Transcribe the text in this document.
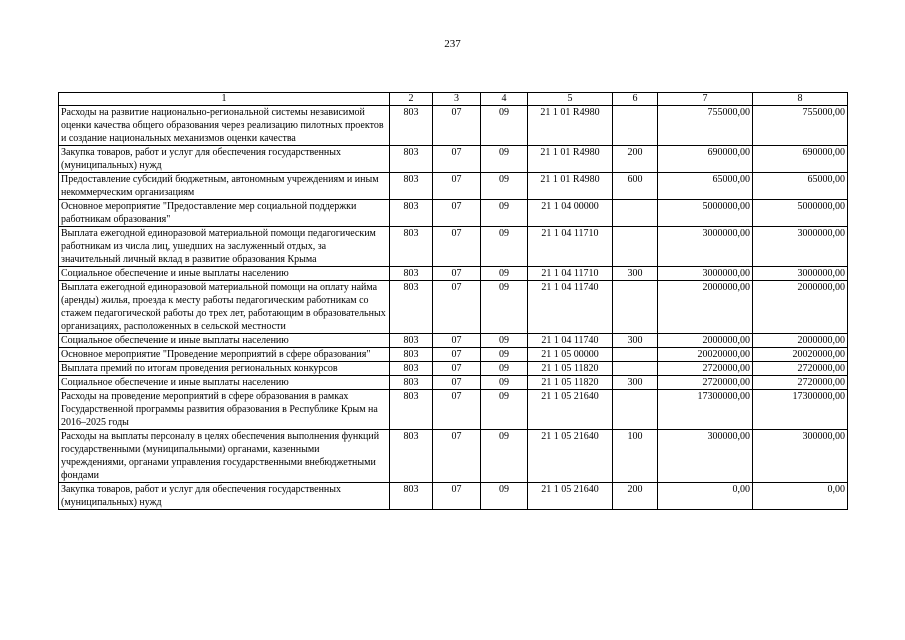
237
1	2	3	4	5	6	7	8
Расходы на развитие национально-региональной системы независимой оценки качества общего образования через реализацию пилотных проектов и создание национальных механизмов оценки качества	803	07	09	21 1 01 R4980		755000,00	755000,00
Закупка товаров, работ и услуг для обеспечения государственных (муниципальных) нужд	803	07	09	21 1 01 R4980	200	690000,00	690000,00
Предоставление субсидий бюджетным, автономным учреждениям и иным некоммерческим организациям	803	07	09	21 1 01 R4980	600	65000,00	65000,00
Основное мероприятие "Предоставление мер социальной поддержки работникам образования"	803	07	09	21 1 04 00000		5000000,00	5000000,00
Выплата ежегодной единоразовой материальной помощи педагогическим работникам из числа лиц, ушедших на заслуженный отдых, за значительный личный вклад в развитие образования Крыма	803	07	09	21 1 04 11710		3000000,00	3000000,00
Социальное обеспечение и иные выплаты населению	803	07	09	21 1 04 11710	300	3000000,00	3000000,00
Выплата ежегодной единоразовой материальной помощи на оплату найма (аренды) жилья, проезда к месту работы педагогическим работникам со стажем педагогической работы до трех лет, работающим в образовательных организациях, расположенных в сельской местности	803	07	09	21 1 04 11740		2000000,00	2000000,00
Социальное обеспечение и иные выплаты населению	803	07	09	21 1 04 11740	300	2000000,00	2000000,00
Основное мероприятие "Проведение мероприятий в сфере образования"	803	07	09	21 1 05 00000		20020000,00	20020000,00
Выплата премий по итогам проведения региональных конкурсов	803	07	09	21 1 05 11820		2720000,00	2720000,00
Социальное обеспечение и иные выплаты населению	803	07	09	21 1 05 11820	300	2720000,00	2720000,00
Расходы на проведение мероприятий в сфере образования в рамках Государственной программы развития образования в Республике Крым на 2016–2025 годы	803	07	09	21 1 05 21640		17300000,00	17300000,00
Расходы на выплаты персоналу в целях обеспечения выполнения функций государственными (муниципальными) органами, казенными учреждениями, органами управления государственными внебюджетными фондами	803	07	09	21 1 05 21640	100	300000,00	300000,00
Закупка товаров, работ и услуг для обеспечения государственных (муниципальных) нужд	803	07	09	21 1 05 21640	200	0,00	0,00
